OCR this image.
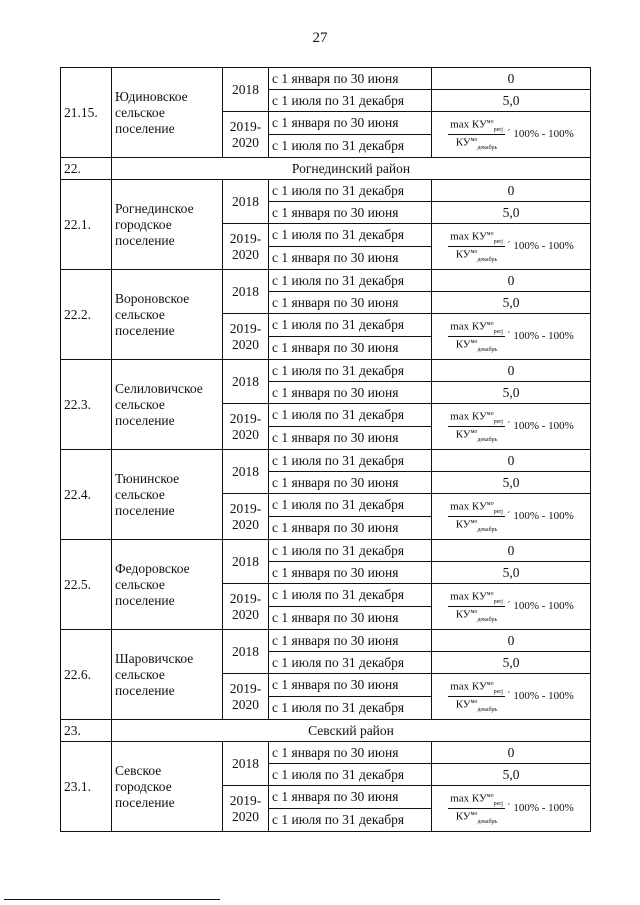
27
21.15.	Юдиновское сельское поселение	2018	с 1 января по 30 июня	0
			с 1 июля по 31 декабря	5,0
		2019-2020	с 1 января по 30 июня	$\frac{\max КУ^{мо}_{perj}}{КУ^{мо}_{декабрь}}$ ´ 100% - 100%

			с 1 июля по 31 декабря	
22.	Рогнединский район			
22.1.	Рогнединское городское поселение	2018	с 1 июля по 31 декабря	0
			с 1 января по 30 июня	5,0
		2019-2020	с 1 июля по 31 декабря	$\frac{\max КУ^{мо}_{perj}}{КУ^{мо}_{декабрь}}$ ´ 100% - 100%

			с 1 января по 30 июня	
22.2.	Вороновское сельское поселение	2018	с 1 июля по 31 декабря	0
			с 1 января по 30 июня	5,0
		2019-2020	с 1 июля по 31 декабря	$\frac{\max КУ^{мо}_{perj}}{КУ^{мо}_{декабрь}}$ ´ 100% - 100%

			с 1 января по 30 июня	
22.3.	Селиловичское сельское поселение	2018	с 1 июля по 31 декабря	0
			с 1 января по 30 июня	5,0
		2019-2020	с 1 июля по 31 декабря	$\frac{\max КУ^{мо}_{perj}}{КУ^{мо}_{декабрь}}$ ´ 100% - 100%

			с 1 января по 30 июня	
22.4.	Тюнинское сельское поселение	2018	с 1 июля по 31 декабря	0
			с 1 января по 30 июня	5,0
		2019-2020	с 1 июля по 31 декабря	$\frac{\max КУ^{мо}_{perj}}{КУ^{мо}_{декабрь}}$ ´ 100% - 100%

			с 1 января по 30 июня	
22.5.	Федоровское сельское поселение	2018	с 1 июля по 31 декабря	0
			с 1 января по 30 июня	5,0
		2019-2020	с 1 июля по 31 декабря	$\frac{\max КУ^{мо}_{perj}}{КУ^{мо}_{декабрь}}$ ´ 100% - 100%

			с 1 января по 30 июня	
22.6.	Шаровичское сельское поселение	2018	с 1 января по 30 июня	0
			с 1 июля по 31 декабря	5,0
		2019-2020	с 1 января по 30 июня	$\frac{\max КУ^{мо}_{perj}}{КУ^{мо}_{декабрь}}$ ´ 100% - 100%

			с 1 июля по 31 декабря	
23.	Севский район			
23.1.	Севское городское поселение	2018	с 1 января по 30 июня	0
			с 1 июля по 31 декабря	5,0
		2019-2020	с 1 января по 30 июня	$\frac{\max КУ^{мо}_{perj}}{КУ^{мо}_{декабрь}}$ ´ 100% - 100%

			с 1 июля по 31 декабря	
